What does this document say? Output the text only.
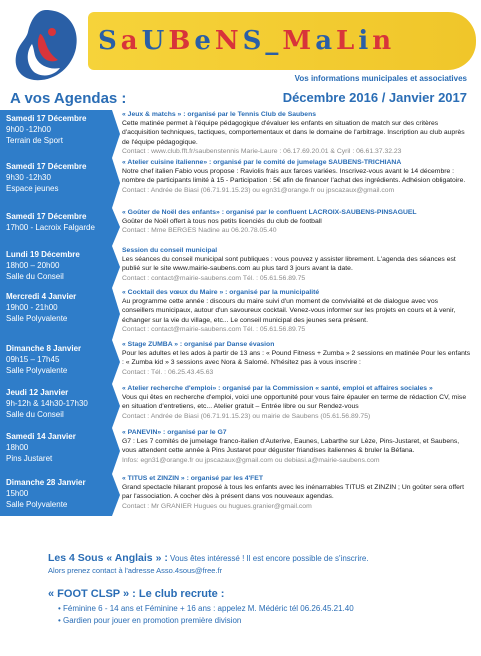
S a U B e N S _ M a L i n
Vos informations municipales et associatives
A vos Agendas :	Décembre 2016 / Janvier 2017
Samedi 17 Décembre
9h00 -12h00
Terrain de Sport
« Jeux & matchs » : organisé par le Tennis Club de Saubens
Cette matinée permet à l'équipe pédagogique d'évaluer les enfants en situation de match sur des critères d'acquisition techniques, tactiques, comportementaux et dans le domaine de l'arbitrage. Inscription au club auprès de l'équipe pédagogique.
Contact : www.club.fft.fr/saubenstennis Marie-Laure : 06.17.69.20.01 & Cyril : 06.61.37.32.23
Samedi 17 Décembre
9h30 -12h30
Espace jeunes
« Atelier cuisine italienne» : organisé par le comité de jumelage SAUBENS-TRICHIANA
Notre chef italien Fabio vous propose : Raviolis frais aux farces variées. Inscrivez-vous avant le 14 décembre : nombre de participants limité à 15 - Participation : 5€ afin de financer l'achat des ingrédients. Adhésion obligatoire.
Contact : Andrée de Biasi (06.71.91.15.23) ou egn31@orange.fr ou jpscazaux@gmail.com
Samedi 17 Décembre
17h00 - Lacroix Falgarde
« Goûter de Noël des enfants» : organisé par le confluent LACROIX-SAUBENS-PINSAGUEL
Goûter de Noël offert à tous nos petits licenciés du club de football
Contact : Mme BERGES Nadine au 06.20.78.05.40
Lundi 19 Décembre
18h00 – 20h00
Salle du Conseil
Session du conseil municipal
Les séances du conseil municipal sont publiques : vous pouvez y assister librement. L'agenda des séances est publié sur le site www.mairie-saubens.com au plus tard 3 jours avant la date.
Contact : contact@mairie-saubens.com Tél. : 05.61.56.89.75
Mercredi 4 Janvier
19h00 - 21h00
Salle Polyvalente
« Cocktail des vœux du Maire » : organisé par la municipalité
Au programme cette année : discours du maire suivi d'un moment de convivialité et de dialogue avec vos conseillers municipaux, autour d'un savoureux cocktail. Venez-vous informer sur les projets en cours et à venir, échanger sur la vie du village, etc... Le conseil municipal des jeunes sera présent.
Contact : contact@mairie-saubens.com Tél. : 05.61.56.89.75
Dimanche 8 Janvier
09h15 – 17h45
Salle Polyvalente
« Stage ZUMBA » : organisé par Danse évasion
Pour les adultes et les ados à partir de 13 ans : « Pound Fitness + Zumba » 2 sessions en matinée Pour les enfants : « Zumba kid » 3 sessions avec Nora & Salomé. N'hésitez pas à vous inscrire :
Contact : Tél. : 06.25.43.45.63
Jeudi 12 Janvier
9h-12h & 14h30-17h30
Salle du Conseil
« Atelier recherche d'emploi» : organisé par la Commission « santé, emploi et affaires sociales »
Vous qui êtes en recherche d'emploi, voici une opportunité pour vous faire épauler en terme de rédaction CV, mise en situation d'entretiens, etc... Atelier gratuit – Entrée libre ou sur Rendez-vous
Contact : Andrée de Biasi (06.71.91.15.23) ou mairie de Saubens (05.61.56.89.75)
Samedi 14 Janvier
18h00
Pins Justaret
« PANEVIN» : organisé par le G7
G7 : Les 7 comités de jumelage franco-italien d'Auterive, Eaunes, Labarthe sur Lèze, Pins-Justaret, et Saubens, vous attendent cette année à Pins Justaret pour déguster friandises italiennes & bruler la Béfana.
Infos: egn31@orange.fr ou jpscazaux@gmail.com ou debiasi.a@mairie-saubens.com
Dimanche 28 Janvier
15h00
Salle Polyvalente
« TITUS et ZINZIN » : organisé par les 4'FET
Grand spectacle hilarant proposé à tous les enfants avec les inénarrables TITUS et ZINZIN ; Un goûter sera offert par l'association. A cocher dès à présent dans vos nouveaux agendas.
Contact : Mr GRANIER Hugues ou hugues.granier@gmail.com
Les 4 Sous « Anglais » : Vous êtes intéressé ! Il est encore possible de s'inscrire.
Alors prenez contact à l'adresse Asso.4sous@free.fr
« FOOT CLSP » : Le club recrute :
• Féminine 6 - 14 ans et Féminine + 16 ans : appelez M. Médéric tél 06.26.45.21.40
• Gardien pour jouer en promotion première division
